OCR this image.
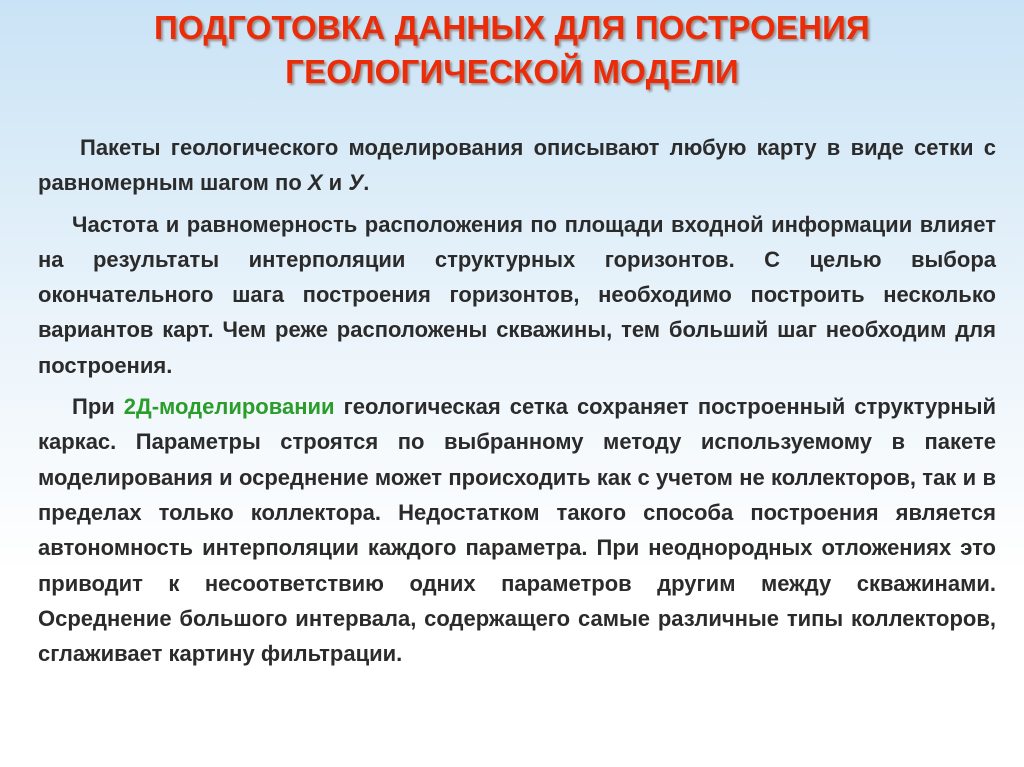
ПОДГОТОВКА ДАННЫХ ДЛЯ ПОСТРОЕНИЯ
ГЕОЛОГИЧЕСКОЙ МОДЕЛИ

Пакеты геологического моделирования описывают любую карту в виде сетки с равномерным шагом по Х и У.

Частота и равномерность расположения по площади входной информации влияет на результаты интерполяции структурных горизонтов. С целью выбора окончательного шага построения горизонтов, необходимо построить несколько вариантов карт. Чем реже расположены скважины, тем больший шаг необходим для построения.

При 2Д-моделировании геологическая сетка сохраняет построенный структурный каркас. Параметры строятся по выбранному методу используемому в пакете моделирования и осреднение может происходить как с учетом не коллекторов, так и в пределах только коллектора. Недостатком такого способа построения является автономность интерполяции каждого параметра. При неоднородных отложениях это приводит к несоответствию одних параметров другим между скважинами. Осреднение большого интервала, содержащего самые различные типы коллекторов, сглаживает картину фильтрации.
